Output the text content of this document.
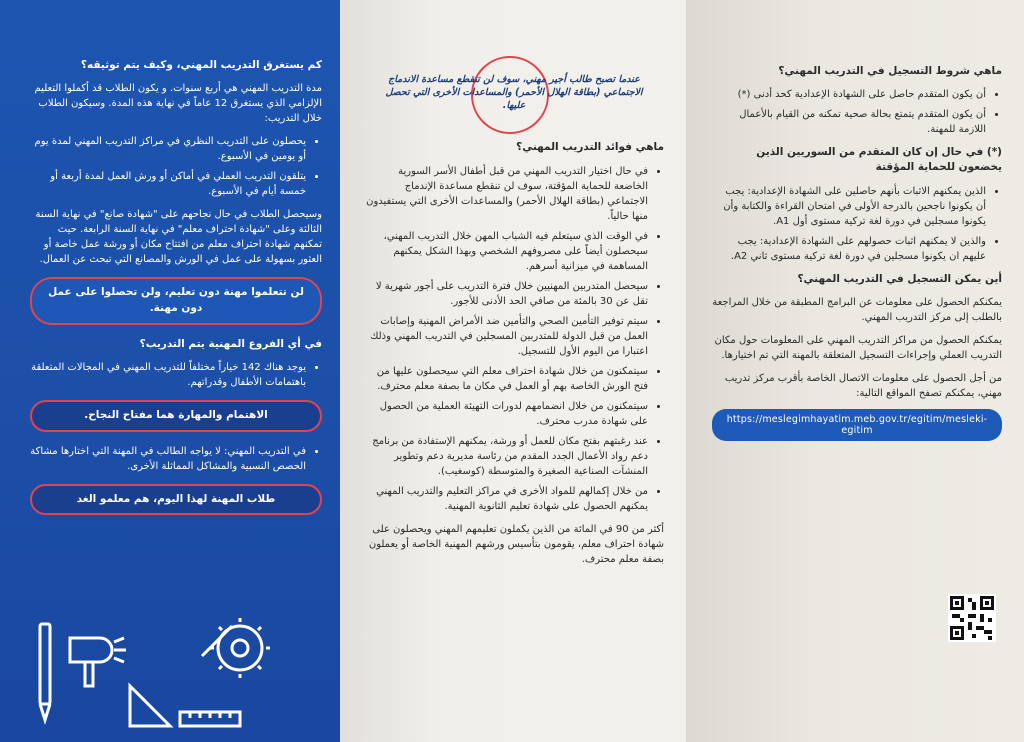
كم يستغرق التدريب المهني، وكيف يتم توثيقه؟
مدة التدريب المهني هي أربع سنوات. و يكون الطلاب قد أكملوا التعليم الإلزامي الذي يستغرق 12 عاماً في نهاية هذه المدة. وسيكون الطلاب خلال التدريب:
• يحصلون على التدريب النظري في مراكز التدريب المهني لمدة يوم أو يومين في الأسبوع.
• يتلقون التدريب العملي في أماكن أو ورش العمل لمدة أربعة أو خمسة أيام في الأسبوع.
وسيحصل الطلاب في حال نجاحهم على "شهادة صانع" في نهاية السنة الثالثة وعلى "شهادة احتراف معلم" في نهاية السنة الرابعة. حيث تمكنهم شهادة احتراف معلم من افتتاح مكان أو ورشة عمل خاصة أو العثور بسهولة على عمل في الورش والمصانع التي تبحث عن العمال.
لن تتعلموا مهنة دون تعليم، ولن تحصلوا على عمل دون مهنة.
في أي الفروع المهنية يتم التدريب؟
• يوجد هناك 142 خياراً مختلفاً للتدريب المهني في المجالات المتعلقة باهتمامات الأطفال وقدراتهم.
الاهتمام والمهارة هما مفتاح النجاح.
• في التدريب المهني: لا يواجه الطالب في المهنة التي اختارها مشاكة الحصص النسبية والمشاكل المماثلة الأخرى.
طلاب المهنة لهذا اليوم، هم معلمو الغد
عندما تصبح طالب أجير مهني، سوف لن تنقطع مساعدة الاندماج الاجتماعي (بطاقة الهلال الأحمر) والمساعدات الأخرى التي تحصل عليها.
ماهي فوائد التدريب المهني؟
• في حال اختيار التدريب المهني من قبل أطفال الأسر السورية الخاضعة للحماية المؤقتة، سوف لن تنقطع مساعدة الإندماج الاجتماعي (بطاقة الهلال الأحمر) والمساعدات الأخرى التي يستفيدون منها حالياً.
• في الوقت الذي سيتعلم فيه الشباب المهن خلال التدريب المهني، سيحصلون أيضاً على مصروفهم الشخصي وبهذا الشكل يمكنهم المساهمة في ميزانية أسرهم.
• سيحصل المتدربين المهنيين خلال فترة التدريب على أجور شهرية لا تقل عن 30 بالمئة من صافي الحد الأدنى للأجور.
• سيتم توفير التأمين الصحي والتأمين ضد الأمراض المهنية وإصابات العمل من قبل الدولة للمتدربين المسجلين في التدريب المهني وذلك اعتبارا من اليوم الأول للتسجيل.
• سيتمكنون من خلال شهادة احتراف معلم التي سيحصلون عليها من فتح الورش الخاصة بهم أو العمل في مكان ما بصفة معلم محترف.
• سيتمكنون من خلال انضمامهم لدورات التهيئة العملية من الحصول على شهادة مدرب محترف.
• عند رغبتهم بفتح مكان للعمل أو ورشة، يمكنهم الإستفادة من برنامج دعم رواد الأعمال الجدد المقدم من رئاسة مديرية دعم وتطوير المنشآت الصناعية الصغيرة والمتوسطة (كوسغيب).
• من خلال إكمالهم للمواد الأخرى في مراكز التعليم والتدريب المهني يمكنهم الحصول على شهادة تعليم الثانوية المهنية.
أكثر من 90 في المائة من الذين يكملون تعليمهم المهني ويحصلون على شهادة احتراف معلم، يقومون بتأسيس ورشهم المهنية الخاصة أو يعملون بصفة معلم محترف.
ماهي شروط التسجيل في التدريب المهني؟
• أن يكون المتقدم حاصل على الشهادة الإعدادية كحد أدنى (*)
• أن يكون المتقدم يتمتع بحالة صحية تمكنه من القيام بالأعمال اللازمة للمهنة.
(*) في حال إن كان المتقدم من السوريين الذين يخضعون للحماية المؤقتة
• الذين يمكنهم الاثبات بأنهم حاصلين على الشهادة الإعدادية: يجب أن يكونوا ناجحين بالدرجة الأولى في امتحان القراءة والكتابة وأن يكونوا مسجلين في دورة لغة تركية مستوى أول A1.
• والذين لا يمكنهم اثبات حصولهم على الشهادة الإعدادية: يجب عليهم ان يكونوا مسجلين في دورة لغة تركية مستوى ثاني A2.
أين يمكن التسجيل في التدريب المهني؟
يمكنكم الحصول على معلومات عن البرامج المطبقة من خلال المراجعة بالطلب إلى مركز التدريب المهني.
يمكنكم الحصول من مراكز التدريب المهني على المعلومات حول مكان التدريب العملي وإجراءات التسجيل المتعلقة بالمهنة التي تم اختيارها.
من أجل الحصول على معلومات الاتصال الخاصة بأقرب مركز تدريب مهني، يمكنكم تصفح المواقع التالية:
https://meslegimhayatim.meb.gov.tr/egitim/mesleki-egitim
